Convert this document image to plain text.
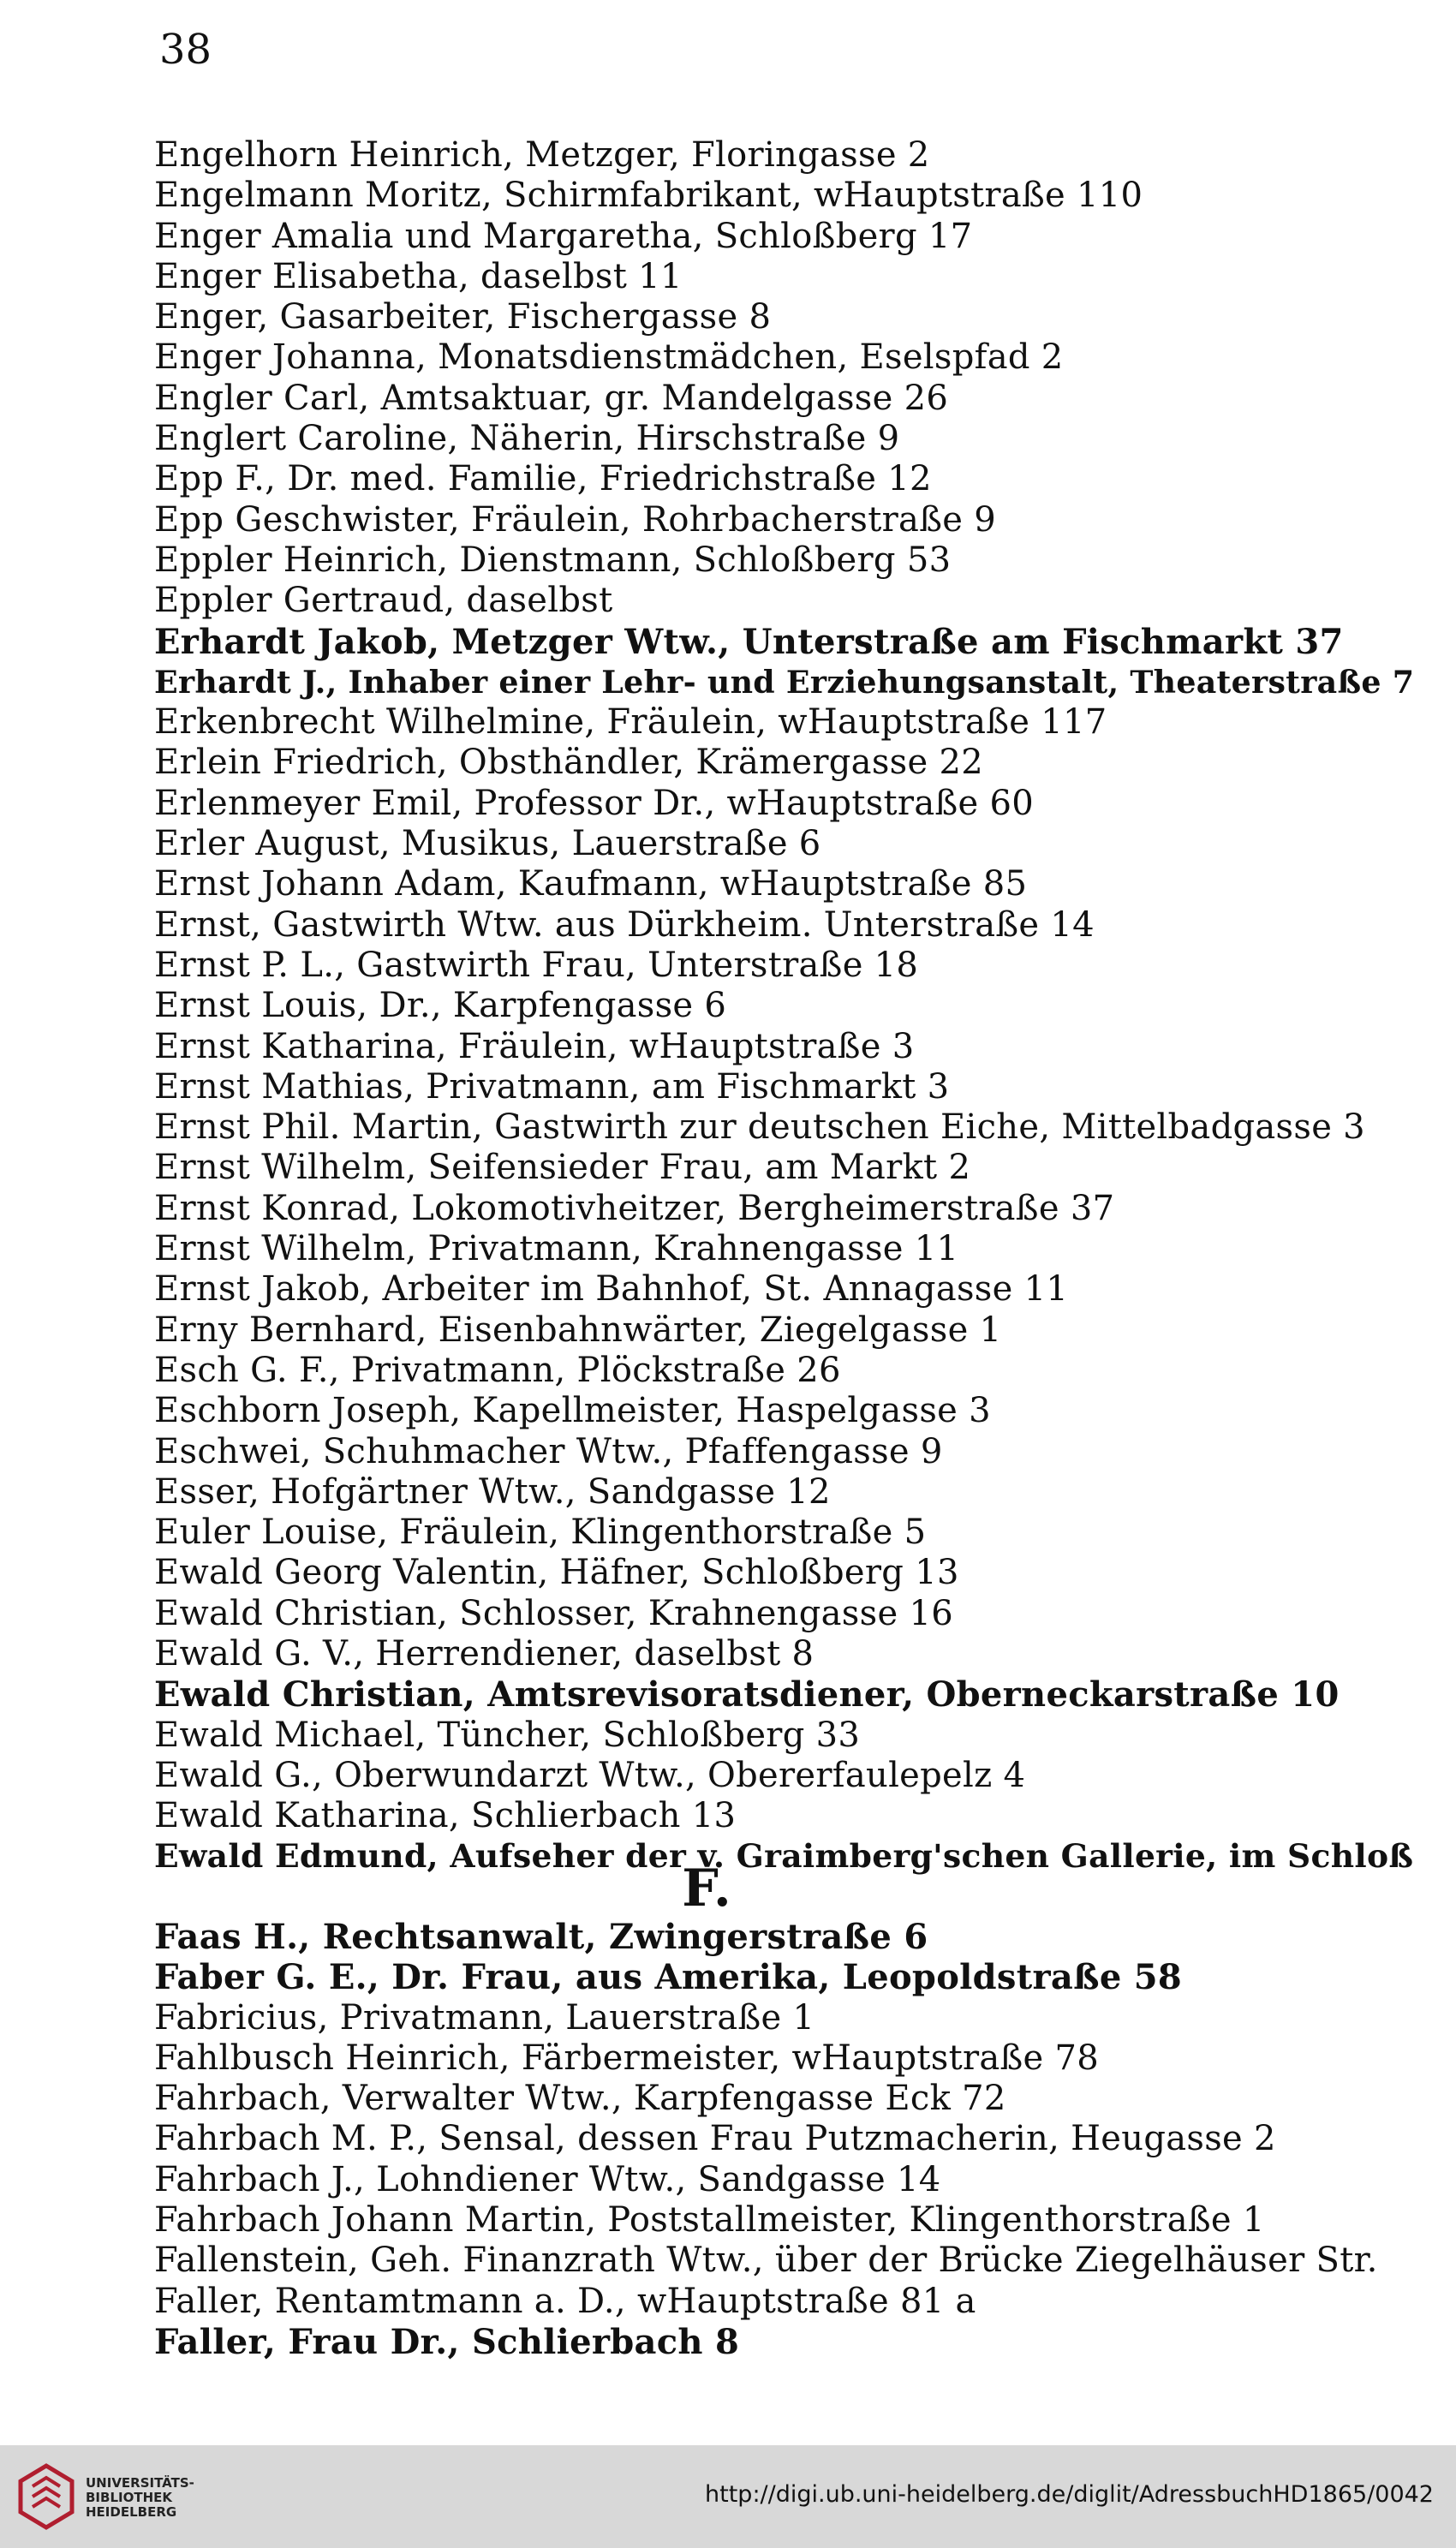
38
Engelhorn Heinrich, Metzger, Floringasse 2
Engelmann Moritz, Schirmfabrikant, wHauptstraße 110
Enger Amalia und Margaretha, Schloßberg 17
Enger Elisabetha, daselbst 11
Enger, Gasarbeiter, Fischergasse 8
Enger Johanna, Monatsdienstmädchen, Eselspfad 2
Engler Carl, Amtsaktuar, gr. Mandelgasse 26
Englert Caroline, Näherin, Hirschstraße 9
Epp F., Dr. med. Familie, Friedrichstraße 12
Epp Geschwister, Fräulein, Rohrbacherstraße 9
Eppler Heinrich, Dienstmann, Schloßberg 53
Eppler Gertraud, daselbst
Erhardt Jakob, Metzger Wtw., Unterstraße am Fischmarkt 37
Erhardt J., Inhaber einer Lehr- und Erziehungsanstalt, Theaterstraße 7
Erkenbrecht Wilhelmine, Fräulein, wHauptstraße 117
Erlein Friedrich, Obsthändler, Krämergasse 22
Erlenmeyer Emil, Professor Dr., wHauptstraße 60
Erler August, Musikus, Lauerstraße 6
Ernst Johann Adam, Kaufmann, wHauptstraße 85
Ernst, Gastwirth Wtw. aus Dürkheim. Unterstraße 14
Ernst P. L., Gastwirth Frau, Unterstraße 18
Ernst Louis, Dr., Karpfengasse 6
Ernst Katharina, Fräulein, wHauptstraße 3
Ernst Mathias, Privatmann, am Fischmarkt 3
Ernst Phil. Martin, Gastwirth zur deutschen Eiche, Mittelbadgasse 3
Ernst Wilhelm, Seifensieder Frau, am Markt 2
Ernst Konrad, Lokomotivheitzer, Bergheimerstraße 37
Ernst Wilhelm, Privatmann, Krahnengasse 11
Ernst Jakob, Arbeiter im Bahnhof, St. Annagasse 11
Erny Bernhard, Eisenbahnwärter, Ziegelgasse 1
Esch G. F., Privatmann, Plöckstraße 26
Eschborn Joseph, Kapellmeister, Haspelgasse 3
Eschwei, Schuhmacher Wtw., Pfaffengasse 9
Esser, Hofgärtner Wtw., Sandgasse 12
Euler Louise, Fräulein, Klingenthorstraße 5
Ewald Georg Valentin, Häfner, Schloßberg 13
Ewald Christian, Schlosser, Krahnengasse 16
Ewald G. V., Herrendiener, daselbst 8
Ewald Christian, Amtsrevisoratsdiener, Oberneckarstraße 10
Ewald Michael, Tüncher, Schloßberg 33
Ewald G., Oberwundarzt Wtw., Obererfaulepelz 4
Ewald Katharina, Schlierbach 13
Ewald Edmund, Aufseher der v. Graimberg'schen Gallerie, im Schloß
F.
Faas H., Rechtsanwalt, Zwingerstraße 6
Faber G. E., Dr. Frau, aus Amerika, Leopoldstraße 58
Fabricius, Privatmann, Lauerstraße 1
Fahlbusch Heinrich, Färbermeister, wHauptstraße 78
Fahrbach, Verwalter Wtw., Karpfengasse Eck 72
Fahrbach M. P., Sensal, dessen Frau Putzmacherin, Heugasse 2
Fahrbach J., Lohndiener Wtw., Sandgasse 14
Fahrbach Johann Martin, Poststallmeister, Klingenthorstraße 1
Fallenstein, Geh. Finanzrath Wtw., über der Brücke Ziegelhäuser Str.
Faller, Rentamtmann a. D., wHauptstraße 81 a
Faller, Frau Dr., Schlierbach 8
UNIVERSITÄTS-
BIBLIOTHEK
HEIDELBERG
http://digi.ub.uni-heidelberg.de/diglit/AdressbuchHD1865/0042
